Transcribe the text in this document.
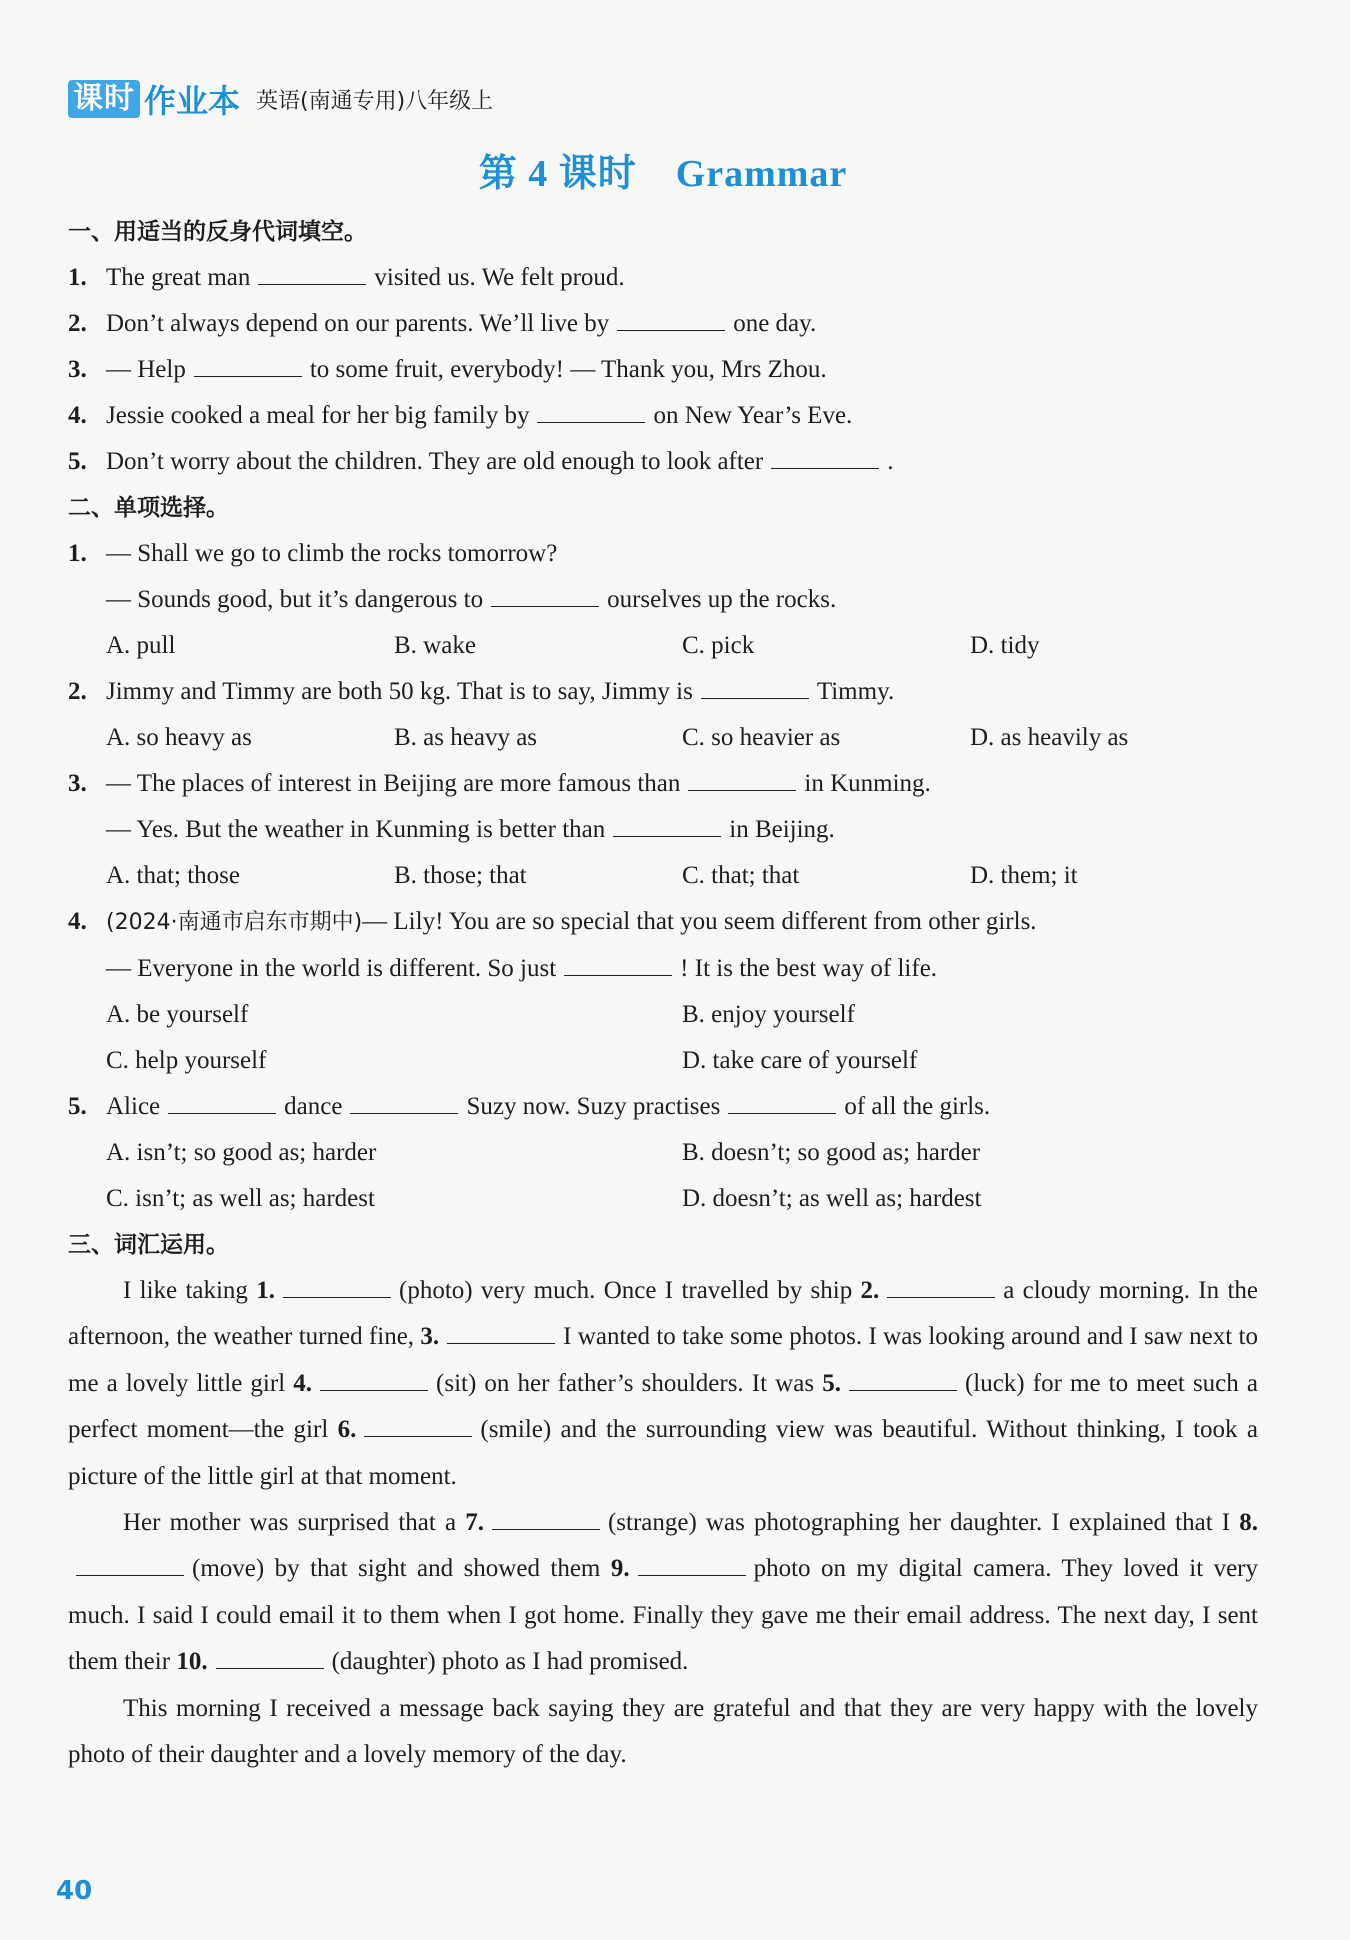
课时 作业本 英语(南通专用)八年级上
第 4 课时　Grammar
一、用适当的反身代词填空。
1. The great man	visited us. We felt proud.
2. Don’t always depend on our parents. We’ll live by	one day.
3. — Help	to some fruit, everybody! — Thank you, Mrs Zhou.
4. Jessie cooked a meal for her big family by	on New Year’s Eve.
5. Don’t worry about the children. They are old enough to look after	.
二、单项选择。
1. — Shall we go to climb the rocks tomorrow?
— Sounds good, but it’s dangerous to	ourselves up the rocks.
A. pull	B. wake	C. pick	D. tidy
2. Jimmy and Timmy are both 50 kg. That is to say, Jimmy is	Timmy.
A. so heavy as	B. as heavy as	C. so heavier as	D. as heavily as
3. — The places of interest in Beijing are more famous than	in Kunming.
— Yes. But the weather in Kunming is better than	in Beijing.
A. that; those	B. those; that	C. that; that	D. them; it
4. (2024·南通市启东市期中)— Lily! You are so special that you seem different from other girls.
— Everyone in the world is different. So just	! It is the best way of life.
A. be yourself	B. enjoy yourself
C. help yourself	D. take care of yourself
5. Alice	dance	Suzy now. Suzy practises	of all the girls.
A. isn’t; so good as; harder	B. doesn’t; so good as; harder
C. isn’t; as well as; hardest	D. doesn’t; as well as; hardest
三、词汇运用。

I like taking 1.	(photo) very much. Once I travelled by ship 2.	a cloudy morning. In the afternoon, the weather turned fine, 3.	I wanted to take some photos. I was looking around and I saw next to me a lovely little girl 4.	(sit) on her father’s shoulders. It was 5.	(luck) for me to meet such a perfect moment—the girl 6.	(smile) and the surrounding view was beautiful. Without thinking, I took a picture of the little girl at that moment.

Her mother was surprised that a 7.	(strange) was photographing her daughter. I explained that I 8.(move) by that sight and showed them 9.	photo on my digital camera. They loved it very much. I said I could email it to them when I got home. Finally they gave me their email address. The next day, I sent them their 10.	(daughter) photo as I had promised.

This morning I received a message back saying they are grateful and that they are very happy with the lovely photo of their daughter and a lovely memory of the day.

40
